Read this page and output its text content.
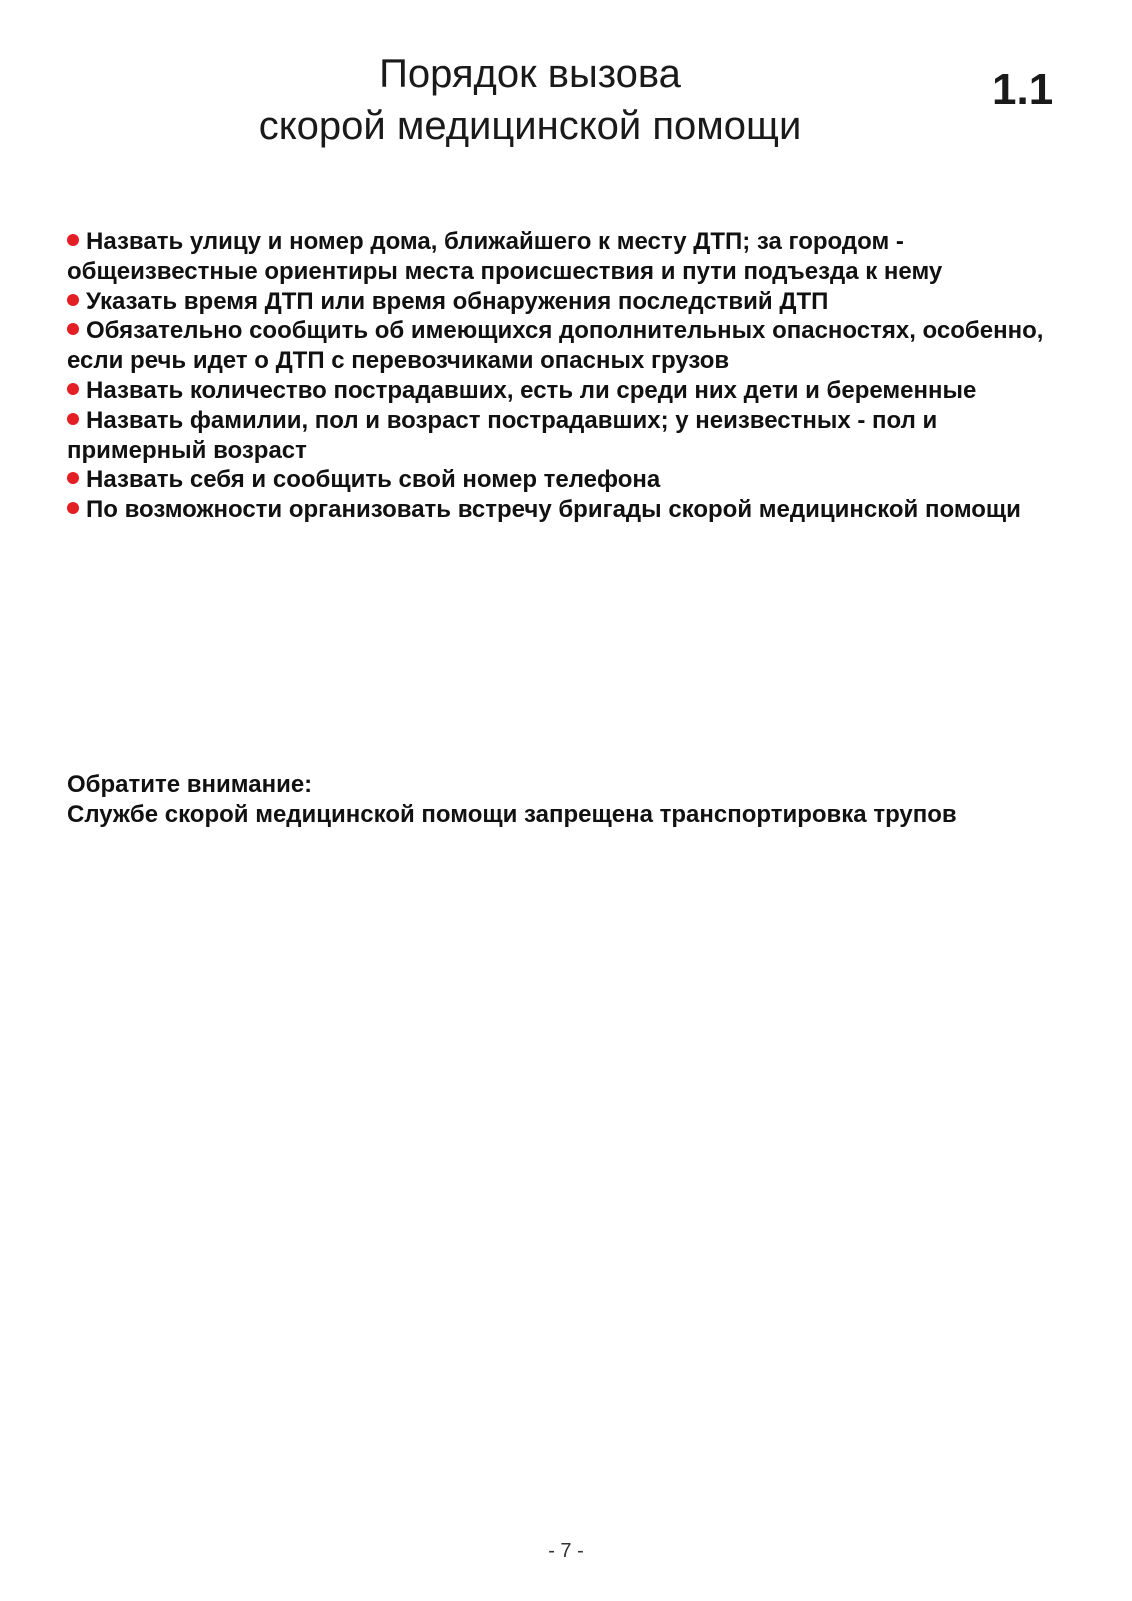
Порядок вызова
скорой медицинской помощи
1.1
Назвать улицу и номер дома, ближайшего к месту ДТП; за городом - общеизвестные ориентиры места происшествия и пути подъезда к нему
Указать время ДТП или время обнаружения последствий ДТП
Обязательно сообщить об имеющихся дополнительных опасностях, особенно, если речь идет о ДТП с перевозчиками опасных грузов
Назвать количество пострадавших, есть ли среди них дети и беременные
Назвать фамилии, пол и возраст пострадавших; у неизвестных - пол и примерный возраст
Назвать себя и сообщить свой номер телефона
По возможности организовать встречу бригады скорой медицинской помощи
Обратите внимание:
Службе скорой медицинской помощи запрещена транспортировка трупов
- 7 -
